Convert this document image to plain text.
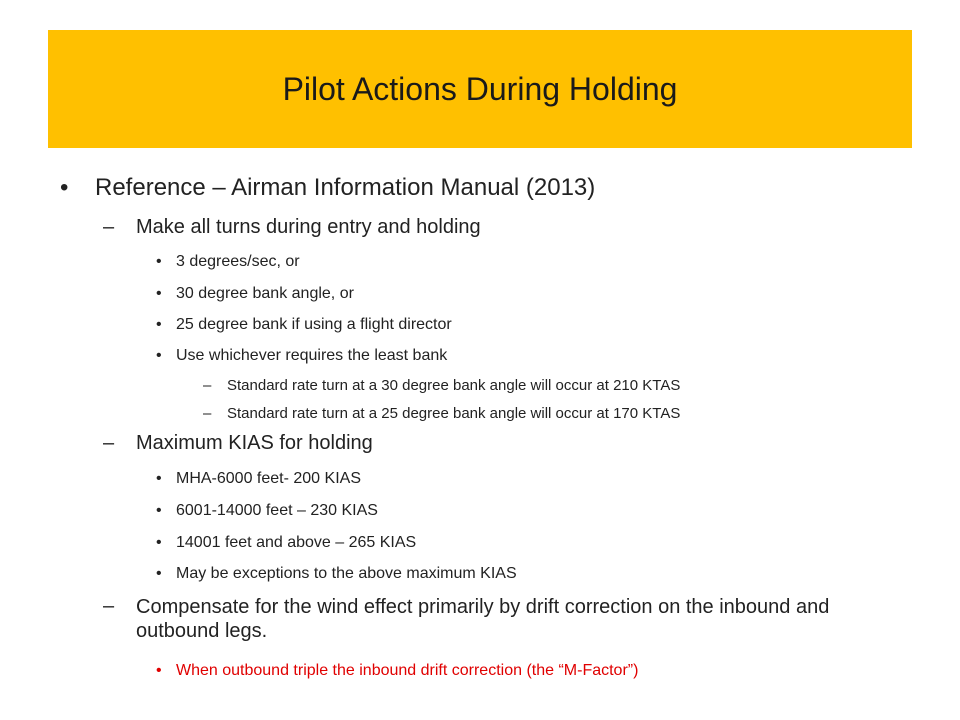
Pilot Actions During Holding
• Reference – Airman Information Manual (2013)
– Make all turns during entry and holding
• 3 degrees/sec, or
• 30 degree bank angle, or
• 25 degree bank if using a flight director
• Use whichever requires the least bank
– Standard rate turn at a 30 degree bank angle will occur at 210 KTAS
– Standard rate turn at a 25 degree bank angle will occur at 170 KTAS
– Maximum KIAS for holding
• MHA-6000 feet- 200 KIAS
• 6001-14000 feet – 230 KIAS
• 14001 feet and above – 265 KIAS
• May be exceptions to the above maximum KIAS
– Compensate for the wind effect primarily by drift correction on the inbound and outbound legs.
• When outbound triple the inbound drift correction (the “M-Factor”)
